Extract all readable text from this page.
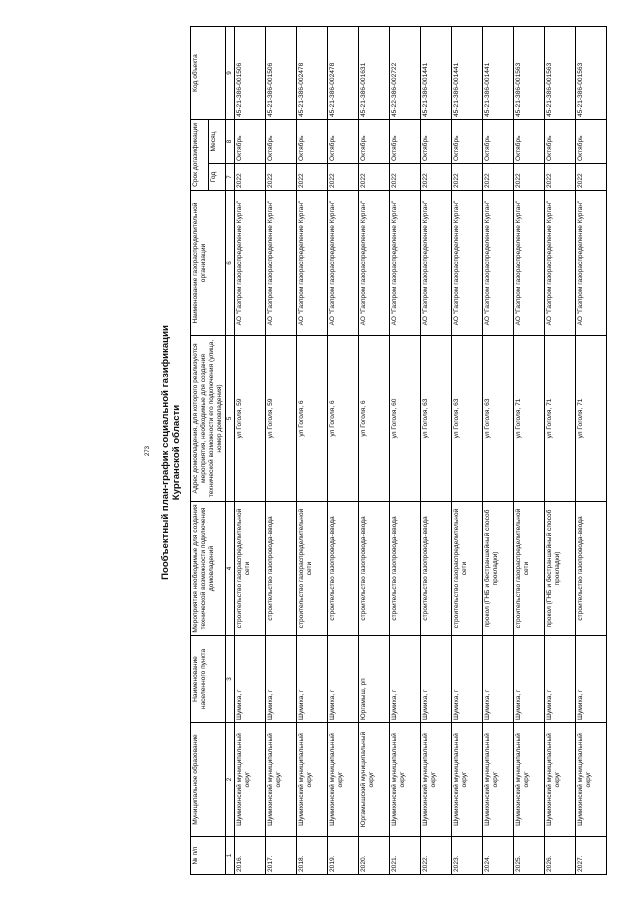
273 Пообъектный план-график социальной газификации Курганской области
№ п/п	Муниципальное образование	Наименование населенного пункта	Мероприятия необходимые для создания технической возможности подключения домовладений	Адрес домовладения, для которого реализуются мероприятия, необходимые для создания технической возможности его подключения (улица, номер домовладения)	Наименование газораспределительной организации	Срок догазификации		Код объекта
						Год	Месяц	
1	2	3	4	5	6	7	8	9
2016.	Шумихинский муниципальный округ	Шумиха, г	строительство газораспределительной сети	ул Гоголя, 59	АО "Газпром газораспределение Курган"	2022	Октябрь	45-21-386-001506
2017.	Шумихинский муниципальный округ	Шумиха, г	строительство газопровода-ввода	ул Гоголя, 59	АО "Газпром газораспределение Курган"	2022	Октябрь	45-21-386-001506
2018.	Шумихинский муниципальный округ	Шумиха, г	строительство газораспределительной сети	ул Гоголя, 6	АО "Газпром газораспределение Курган"	2022	Октябрь	45-21-386-002478
2019.	Шумихинский муниципальный округ	Шумиха, г	строительство газопровода-ввода	ул Гоголя, 6	АО "Газпром газораспределение Курган"	2022	Октябрь	45-21-386-002478
2020.	Юргамышский муниципальный округ	Юргамыш, рп	строительство газопровода-ввода	ул Гоголя, 6	АО "Газпром газораспределение Курган"	2022	Октябрь	45-21-386-001631
2021.	Шумихинский муниципальный округ	Шумиха, г	строительство газопровода-ввода	ул Гоголя, 60	АО "Газпром газораспределение Курган"	2022	Октябрь	45-22-386-002722
2022.	Шумихинский муниципальный округ	Шумиха, г	строительство газопровода-ввода	ул Гоголя, 63	АО "Газпром газораспределение Курган"	2022	Октябрь	45-21-386-001441
2023.	Шумихинский муниципальный округ	Шумиха, г	строительство газораспределительной сети	ул Гоголя, 63	АО "Газпром газораспределение Курган"	2022	Октябрь	45-21-386-001441
2024.	Шумихинский муниципальный округ	Шумиха, г	прокол (ГНБ и бестраншейный способ прокладки)	ул Гоголя, 63	АО "Газпром газораспределение Курган"	2022	Октябрь	45-21-386-001441
2025.	Шумихинский муниципальный округ	Шумиха, г	строительство газораспределительной сети	ул Гоголя, 71	АО "Газпром газораспределение Курган"	2022	Октябрь	45-21-386-001563
2026.	Шумихинский муниципальный округ	Шумиха, г	прокол (ГНБ и бестраншейный способ прокладки)	ул Гоголя, 71	АО "Газпром газораспределение Курган"	2022	Октябрь	45-21-386-001563
2027.	Шумихинский муниципальный округ	Шумиха, г	строительство газопровода-ввода	ул Гоголя, 71	АО "Газпром газораспределение Курган"	2022	Октябрь	45-21-386-001563
